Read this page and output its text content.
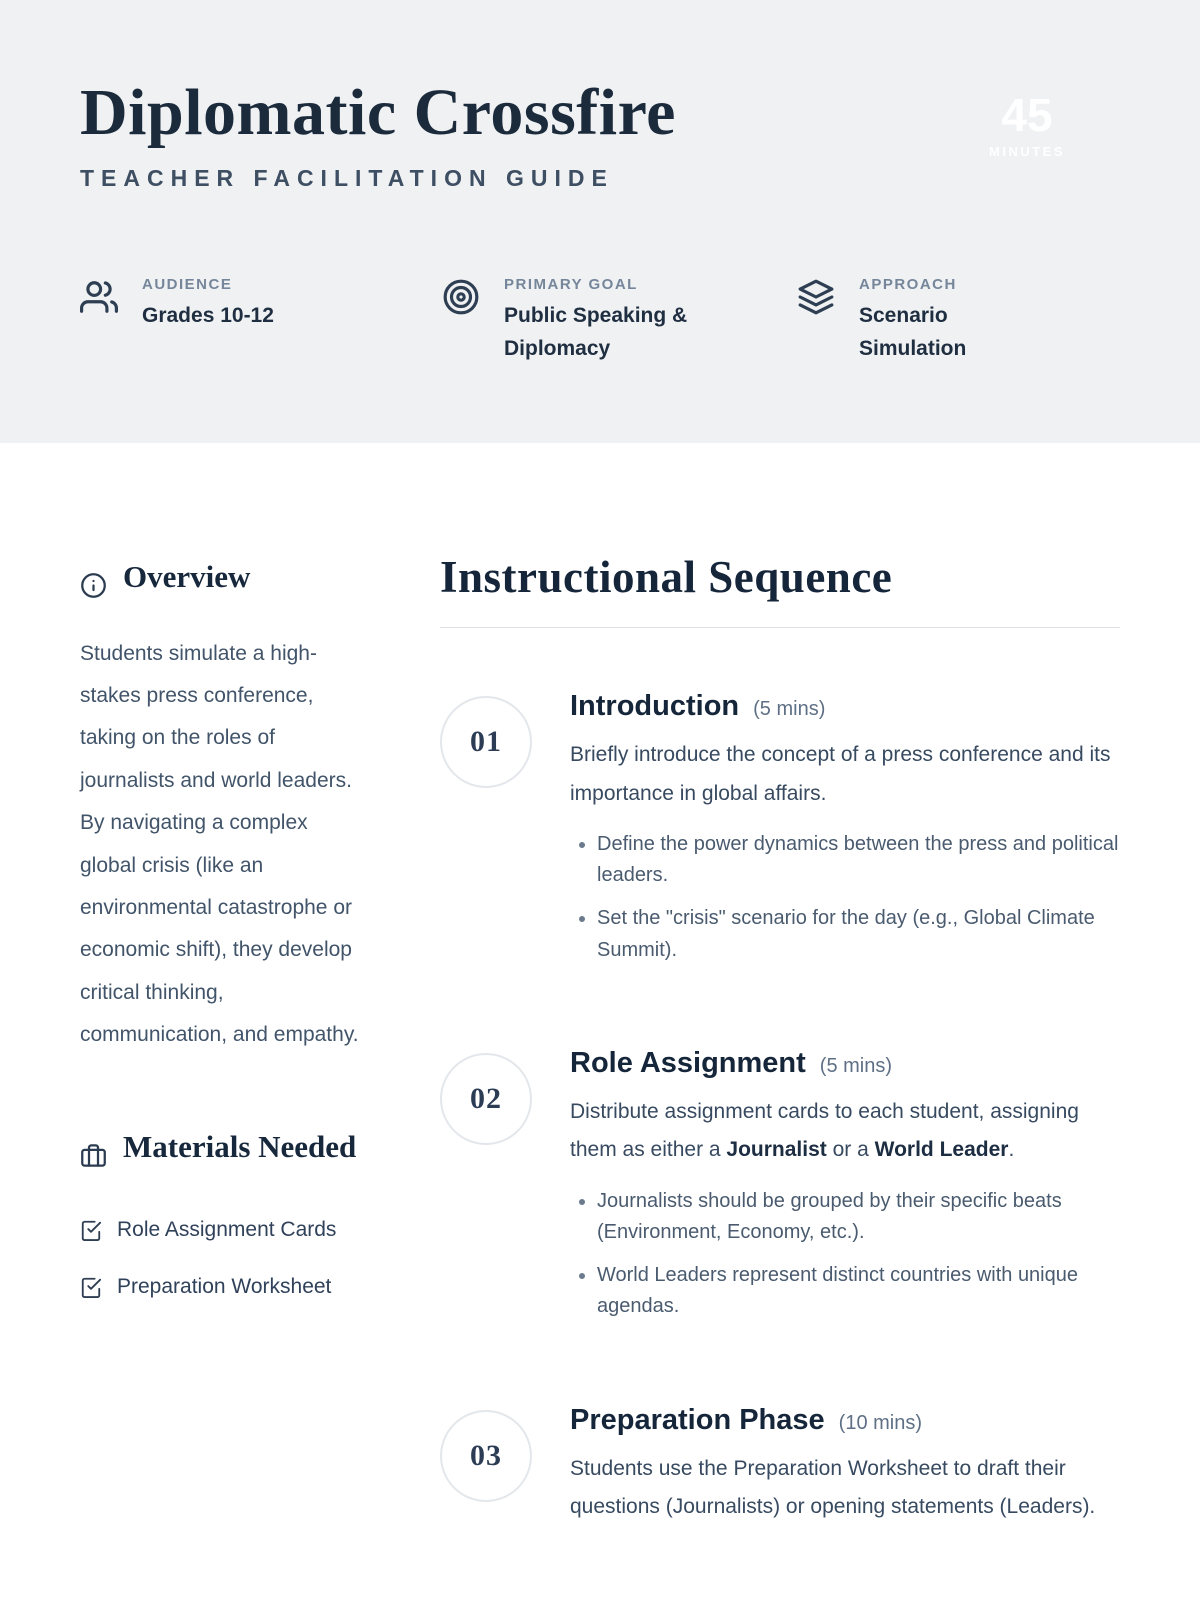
Diplomatic Crossfire
TEACHER FACILITATION GUIDE
45
MINUTES
AUDIENCE
Grades 10-12
PRIMARY GOAL
Public Speaking & Diplomacy
APPROACH
Scenario Simulation
Overview

Students simulate a high-stakes press conference, taking on the roles of journalists and world leaders. By navigating a complex global crisis (like an environmental catastrophe or economic shift), they develop critical thinking, communication, and empathy.

Materials Needed
Role Assignment Cards
Preparation Worksheet
Instructional Sequence
01
Introduction (5 mins)

Briefly introduce the concept of a press conference and its importance in global affairs.

• Define the power dynamics between the press and political leaders.
• Set the "crisis" scenario for the day (e.g., Global Climate Summit).
02
Role Assignment (5 mins)

Distribute assignment cards to each student, assigning them as either a Journalist or a World Leader.

• Journalists should be grouped by their specific beats (Environment, Economy, etc.).
• World Leaders represent distinct countries with unique agendas.
03
Preparation Phase (10 mins)

Students use the Preparation Worksheet to draft their questions (Journalists) or opening statements (Leaders).
